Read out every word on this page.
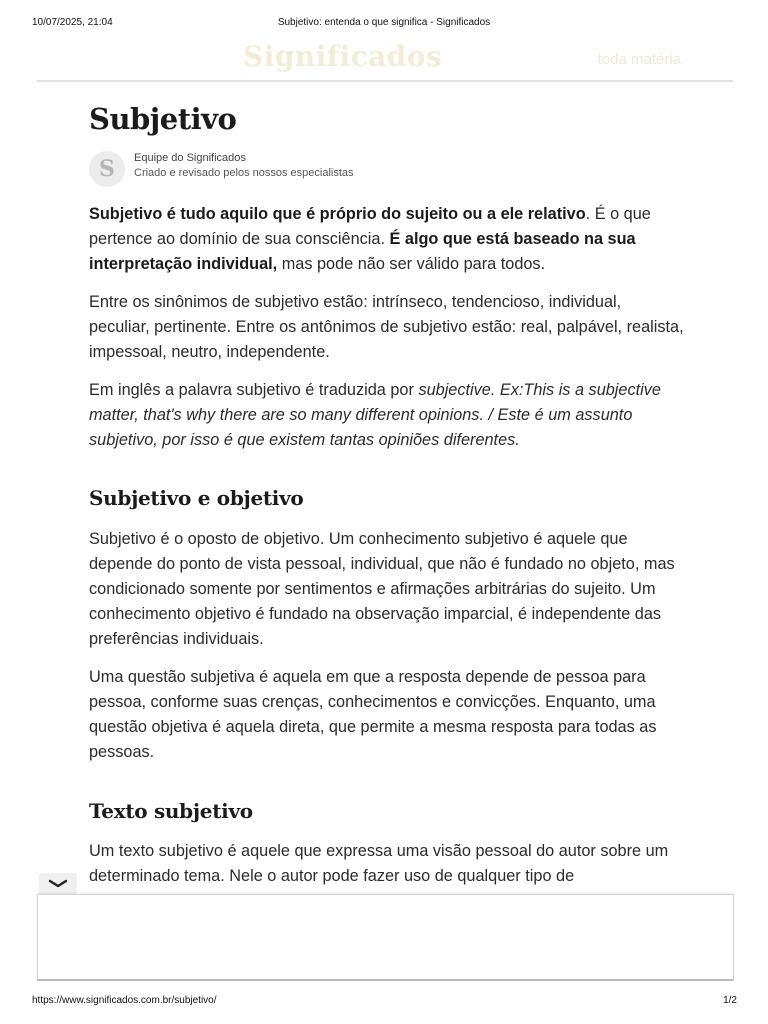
10/07/2025, 21:04	Subjetivo: entenda o que significa - Significados
Significados	toda matéria
Subjetivo
S	Equipe do Significados
Criado e revisado pelos nossos especialistas

Subjetivo é tudo aquilo que é próprio do sujeito ou a ele relativo. É o que pertence ao domínio de sua consciência. É algo que está baseado na sua interpretação individual, mas pode não ser válido para todos.

Entre os sinônimos de subjetivo estão: intrínseco, tendencioso, individual, peculiar, pertinente. Entre os antônimos de subjetivo estão: real, palpável, realista, impessoal, neutro, independente.

Em inglês a palavra subjetivo é traduzida por subjective. Ex:This is a subjective matter, that's why there are so many different opinions. / Este é um assunto subjetivo, por isso é que existem tantas opiniões diferentes.

Subjetivo e objetivo

Subjetivo é o oposto de objetivo. Um conhecimento subjetivo é aquele que depende do ponto de vista pessoal, individual, que não é fundado no objeto, mas condicionado somente por sentimentos e afirmações arbitrárias do sujeito. Um conhecimento objetivo é fundado na observação imparcial, é independente das preferências individuais.

Uma questão subjetiva é aquela em que a resposta depende de pessoa para pessoa, conforme suas crenças, conhecimentos e convicções. Enquanto, uma questão objetiva é aquela direta, que permite a mesma resposta para todas as pessoas.

Texto subjetivo

Um texto subjetivo é aquele que expressa uma visão pessoal do autor sobre um determinado tema. Nele o autor pode fazer uso de qualquer tipo de

https://www.significados.com.br/subjetivo/	1/2
